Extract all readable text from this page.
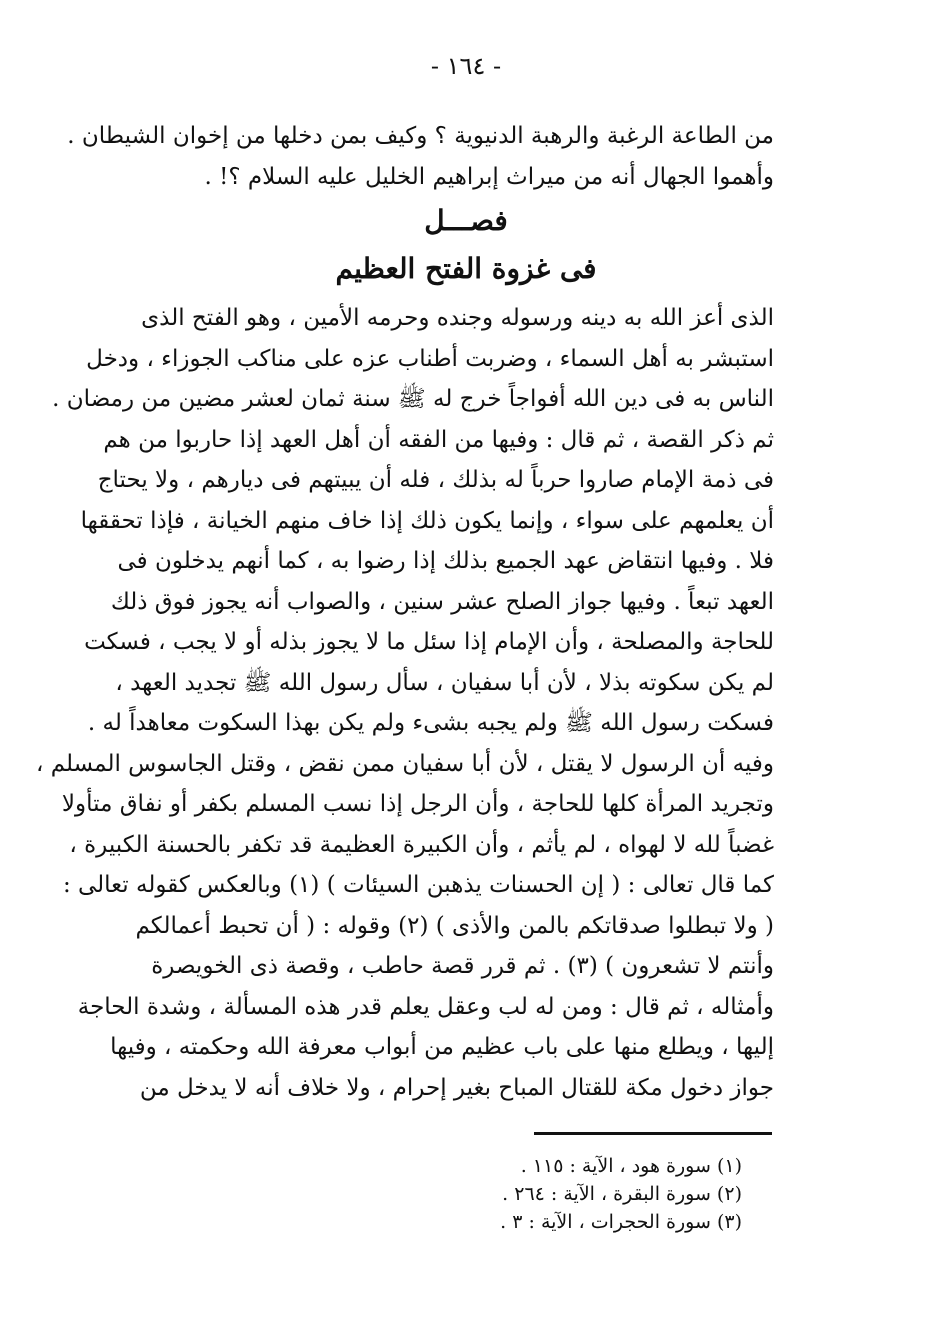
- ١٦٤ -
من الطاعة الرغبة والرهبة الدنيوية ؟ وكيف بمن دخلها من إخوان الشيطان .
وأهموا الجهال أنه من ميراث إبراهيم الخليل عليه السلام ؟! .
فصـــل
فى غزوة الفتح العظيم
الذى أعز الله به دينه ورسوله وجنده وحرمه الأمين ، وهو الفتح الذى
استبشر به أهل السماء ، وضربت أطناب عزه على مناكب الجوزاء ، ودخل
الناس به فى دين الله أفواجاً خرج له ﷺ سنة ثمان لعشر مضين من رمضان .
ثم ذكر القصة ، ثم قال : وفيها من الفقه أن أهل العهد إذا حاربوا من هم
فى ذمة الإمام صاروا حرباً له بذلك ، فله أن يبيتهم فى ديارهم ، ولا يحتاج
أن يعلمهم على سواء ، وإنما يكون ذلك إذا خاف منهم الخيانة ، فإذا تحققها
فلا . وفيها انتقاض عهد الجميع بذلك إذا رضوا به ، كما أنهم يدخلون فى
العهد تبعاً . وفيها جواز الصلح عشر سنين ، والصواب أنه يجوز فوق ذلك
للحاجة والمصلحة ، وأن الإمام إذا سئل ما لا يجوز بذله أو لا يجب ، فسكت
لم يكن سكوته بذلا ، لأن أبا سفيان ، سأل رسول الله ﷺ تجديد العهد ،
فسكت رسول الله ﷺ ولم يجبه بشىء ولم يكن بهذا السكوت معاهداً له .
وفيه أن الرسول لا يقتل ، لأن أبا سفيان ممن نقض ، وقتل الجاسوس المسلم ،
وتجريد المرأة كلها للحاجة ، وأن الرجل إذا نسب المسلم بكفر أو نفاق متأولا
غضباً لله لا لهواه ، لم يأثم ، وأن الكبيرة العظيمة قد تكفر بالحسنة الكبيرة ،
كما قال تعالى : ( إن الحسنات يذهبن السيئات ) (١) وبالعكس كقوله تعالى :
( ولا تبطلوا صدقاتكم بالمن والأذى ) (٢) وقوله : ( أن تحبط أعمالكم
وأنتم لا تشعرون ) (٣) . ثم قرر قصة حاطب ، وقصة ذى الخويصرة
وأمثاله ، ثم قال : ومن له لب وعقل يعلم قدر هذه المسألة ، وشدة الحاجة
إليها ، ويطلع منها على باب عظيم من أبواب معرفة الله وحكمته ، وفيها
جواز دخول مكة للقتال المباح بغير إحرام ، ولا خلاف أنه لا يدخل من
(١) سورة هود ، الآية : ١١٥ .
(٢) سورة البقرة ، الآية : ٢٦٤ .
(٣) سورة الحجرات ، الآية : ٣ .
